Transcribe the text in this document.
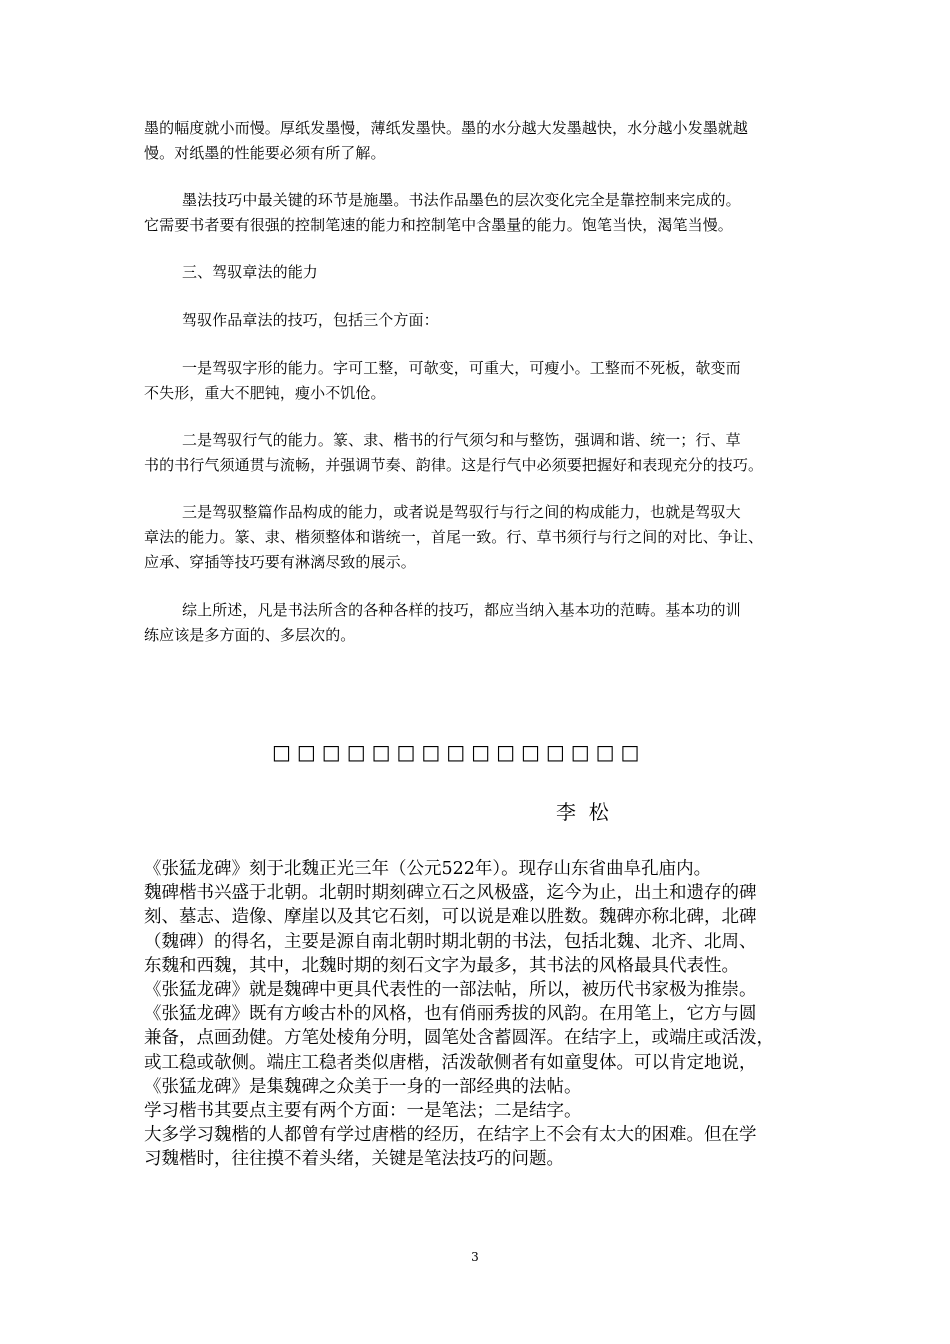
墨的幅度就小而慢。厚纸发墨慢，薄纸发墨快。墨的水分越大发墨越快，水分越小发墨就越
慢。对纸墨的性能要必须有所了解。
墨法技巧中最关键的环节是施墨。书法作品墨色的层次变化完全是靠控制来完成的。
它需要书者要有很强的控制笔速的能力和控制笔中含墨量的能力。饱笔当快，渴笔当慢。
三、驾驭章法的能力
驾驭作品章法的技巧，包括三个方面：
一是驾驭字形的能力。字可工整，可欹变，可重大，可瘦小。工整而不死板，欹变而
不失形，重大不肥钝，瘦小不饥伧。
二是驾驭行气的能力。篆、隶、楷书的行气须匀和与整饬，强调和谐、统一；行、草
书的书行气须通贯与流畅，并强调节奏、韵律。这是行气中必须要把握好和表现充分的技巧。
三是驾驭整篇作品构成的能力，或者说是驾驭行与行之间的构成能力，也就是驾驭大
章法的能力。篆、隶、楷须整体和谐统一，首尾一致。行、草书须行与行之间的对比、争让、
应承、穿插等技巧要有淋漓尽致的展示。
综上所述，凡是书法所含的各种各样的技巧，都应当纳入基本功的范畴。基本功的训
练应该是多方面的、多层次的。
□□□□□□□□□□□□□□□
李  松
《张猛龙碑》刻于北魏正光三年（公元522年）。现存山东省曲阜孔庙内。
魏碑楷书兴盛于北朝。北朝时期刻碑立石之风极盛，迄今为止，出土和遗存的碑
刻、墓志、造像、摩崖以及其它石刻，可以说是难以胜数。魏碑亦称北碑，北碑
（魏碑）的得名，主要是源自南北朝时期北朝的书法，包括北魏、北齐、北周、
东魏和西魏，其中，北魏时期的刻石文字为最多，其书法的风格最具代表性。
《张猛龙碑》就是魏碑中更具代表性的一部法帖，所以，被历代书家极为推崇。
《张猛龙碑》既有方峻古朴的风格，也有俏丽秀拔的风韵。在用笔上，它方与圆
兼备，点画劲健。方笔处棱角分明，圆笔处含蓄圆浑。在结字上，或端庄或活泼，
或工稳或欹侧。端庄工稳者类似唐楷，活泼欹侧者有如童叟体。可以肯定地说，
《张猛龙碑》是集魏碑之众美于一身的一部经典的法帖。
学习楷书其要点主要有两个方面：一是笔法；二是结字。
大多学习魏楷的人都曾有学过唐楷的经历，在结字上不会有太大的困难。但在学
习魏楷时，往往摸不着头绪，关键是笔法技巧的问题。
3
